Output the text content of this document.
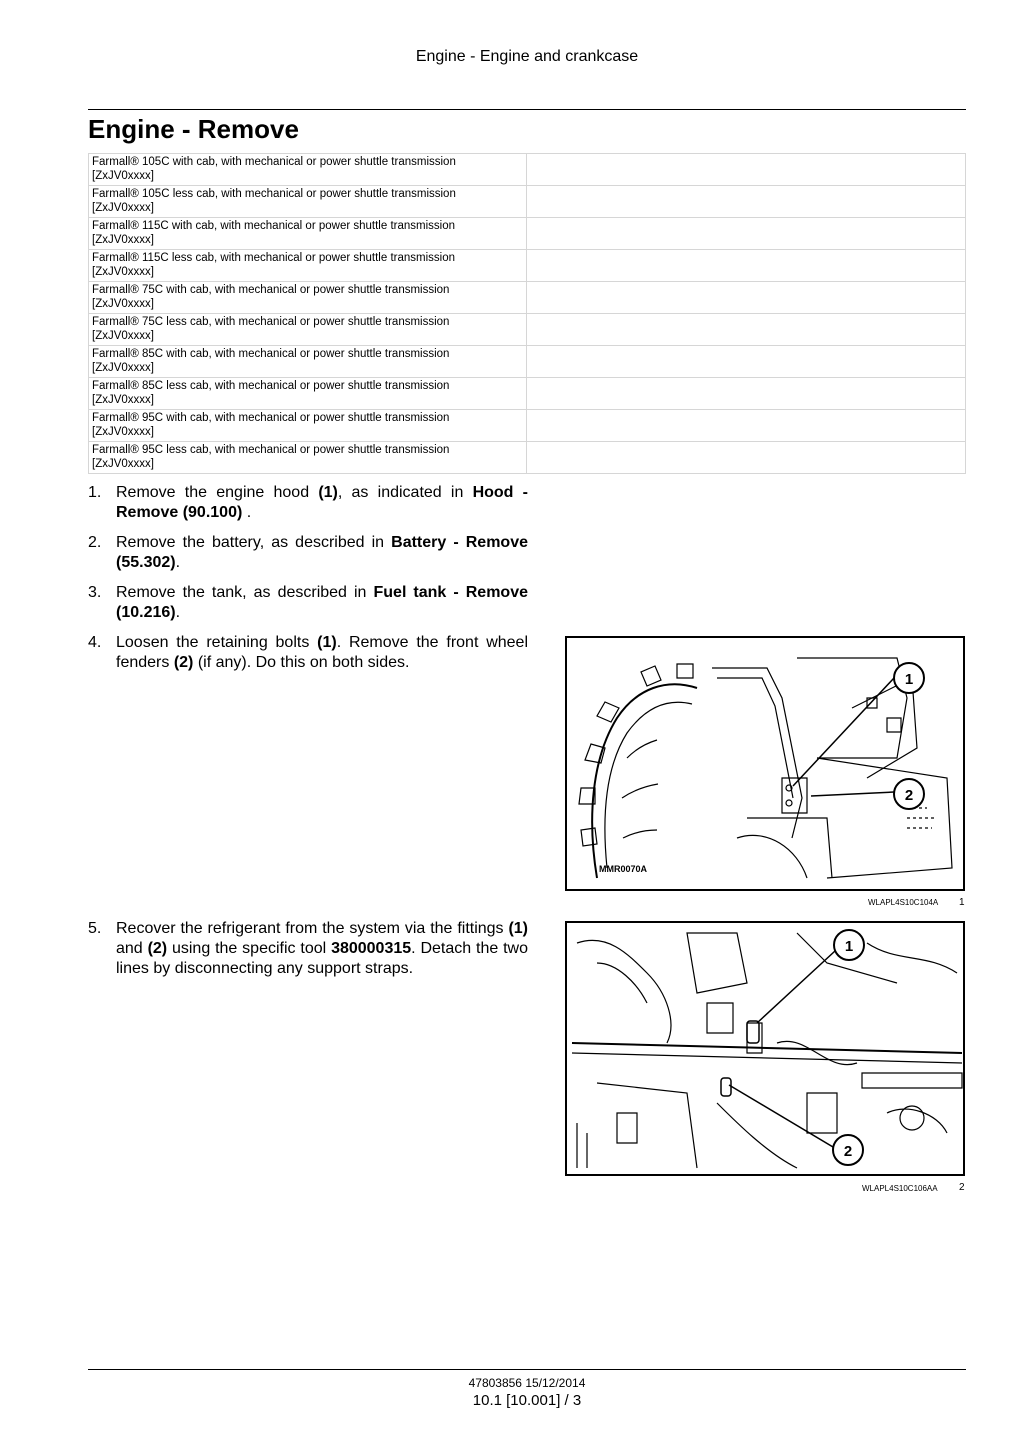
Engine - Engine and crankcase
Engine - Remove
Farmall® 105C with cab, with mechanical or power shuttle transmission
[ZxJV0xxxx]	
Farmall® 105C less cab, with mechanical or power shuttle transmission
[ZxJV0xxxx]	
Farmall® 115C with cab, with mechanical or power shuttle transmission
[ZxJV0xxxx]	
Farmall® 115C less cab, with mechanical or power shuttle transmission
[ZxJV0xxxx]	
Farmall® 75C with cab, with mechanical or power shuttle transmission
[ZxJV0xxxx]	
Farmall® 75C less cab, with mechanical or power shuttle transmission
[ZxJV0xxxx]	
Farmall® 85C with cab, with mechanical or power shuttle transmission
[ZxJV0xxxx]	
Farmall® 85C less cab, with mechanical or power shuttle transmission
[ZxJV0xxxx]	
Farmall® 95C with cab, with mechanical or power shuttle transmission
[ZxJV0xxxx]	
Farmall® 95C less cab, with mechanical or power shuttle transmission
[ZxJV0xxxx]	
1. Remove the engine hood (1), as indicated in Hood - Remove (90.100) .
2. Remove the battery, as described in Battery - Remove (55.302).
3. Remove the tank, as described in Fuel tank - Remove (10.216).
4. Loosen the retaining bolts (1). Remove the front wheel fenders (2) (if any). Do this on both sides.
5. Recover the refrigerant from the system via the fittings (1) and (2) using the specific tool 380000315. Detach the two lines by disconnecting any support straps.
1
2
MMR0070A
WLAPL4S10C104A 1
1
2
WLAPL4S10C106AA 2
47803856 15/12/2014
10.1 [10.001] / 3
